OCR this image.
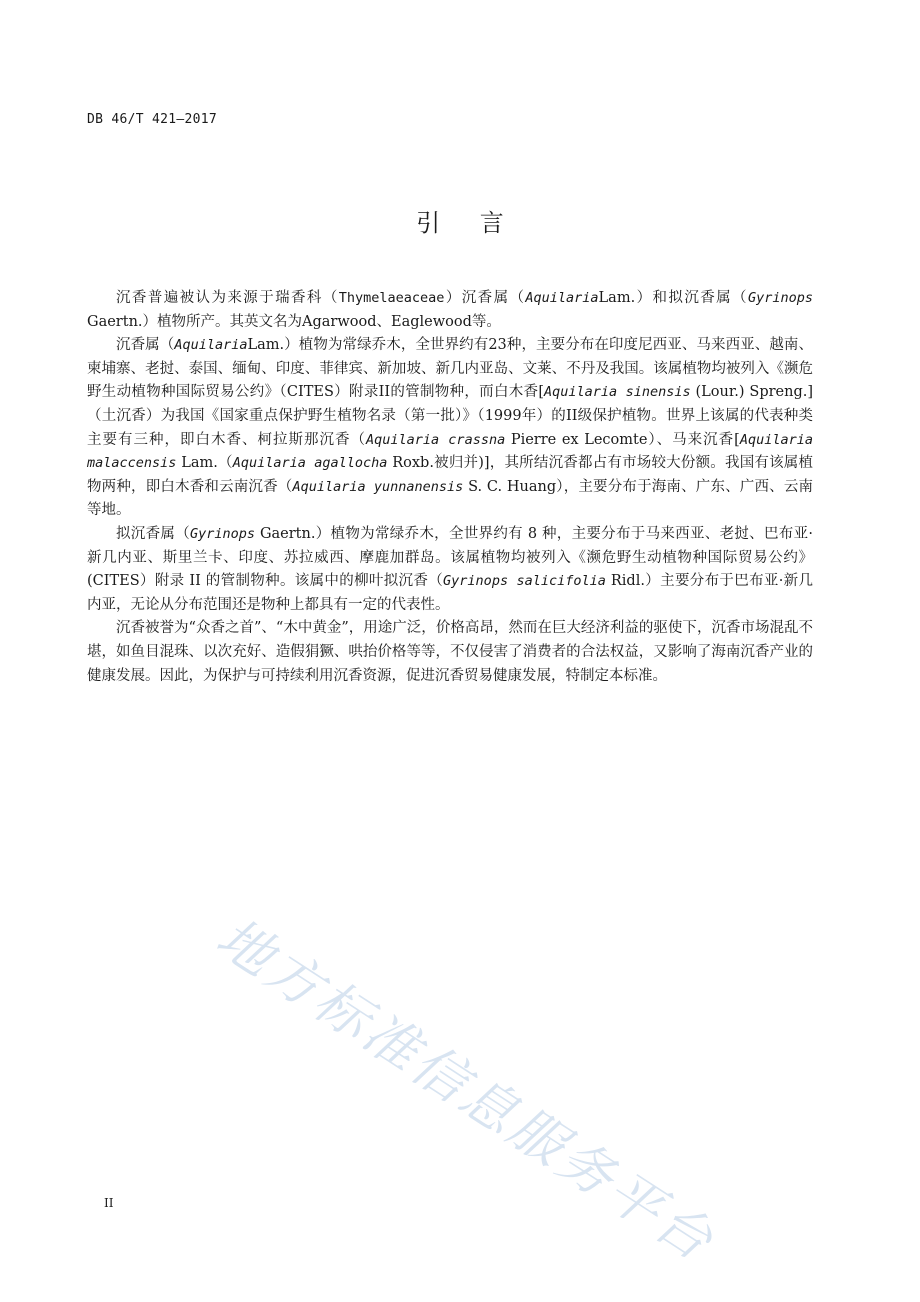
DB 46/T 421—2017
引 言

沉香普遍被认为来源于瑞香科（Thymelaeaceae）沉香属（AquilariaLam.）和拟沉香属（Gyrinops Gaertn.）植物所产。其英文名为Agarwood、Eaglewood等。

沉香属（AquilariaLam.）植物为常绿乔木，全世界约有23种，主要分布在印度尼西亚、马来西亚、越南、柬埔寨、老挝、泰国、缅甸、印度、菲律宾、新加坡、新几内亚岛、文莱、不丹及我国。该属植物均被列入《濒危野生动植物种国际贸易公约》（CITES）附录II的管制物种，而白木香[Aquilaria sinensis (Lour.) Spreng.]（土沉香）为我国《国家重点保护野生植物名录（第一批）》（1999年）的II级保护植物。世界上该属的代表种类主要有三种，即白木香、柯拉斯那沉香（Aquilaria crassna Pierre ex Lecomte）、马来沉香[Aquilaria malaccensis Lam.（Aquilaria agallocha Roxb.被归并)]，其所结沉香都占有市场较大份额。我国有该属植物两种，即白木香和云南沉香（Aquilaria yunnanensis S. C. Huang），主要分布于海南、广东、广西、云南等地。

拟沉香属（Gyrinops Gaertn.）植物为常绿乔木，全世界约有 8 种，主要分布于马来西亚、老挝、巴布亚·新几内亚、斯里兰卡、印度、苏拉威西、摩鹿加群岛。该属植物均被列入《濒危野生动植物种国际贸易公约》(CITES）附录 II 的管制物种。该属中的柳叶拟沉香（Gyrinops salicifolia Ridl.）主要分布于巴布亚·新几内亚，无论从分布范围还是物种上都具有一定的代表性。

沉香被誉为“众香之首”、“木中黄金”，用途广泛，价格高昂，然而在巨大经济利益的驱使下，沉香市场混乱不堪，如鱼目混珠、以次充好、造假狷獗、哄抬价格等等，不仅侵害了消费者的合法权益，又影响了海南沉香产业的健康发展。因此，为保护与可持续利用沉香资源，促进沉香贸易健康发展，特制定本标准。

地方标准信息服务平台
II
